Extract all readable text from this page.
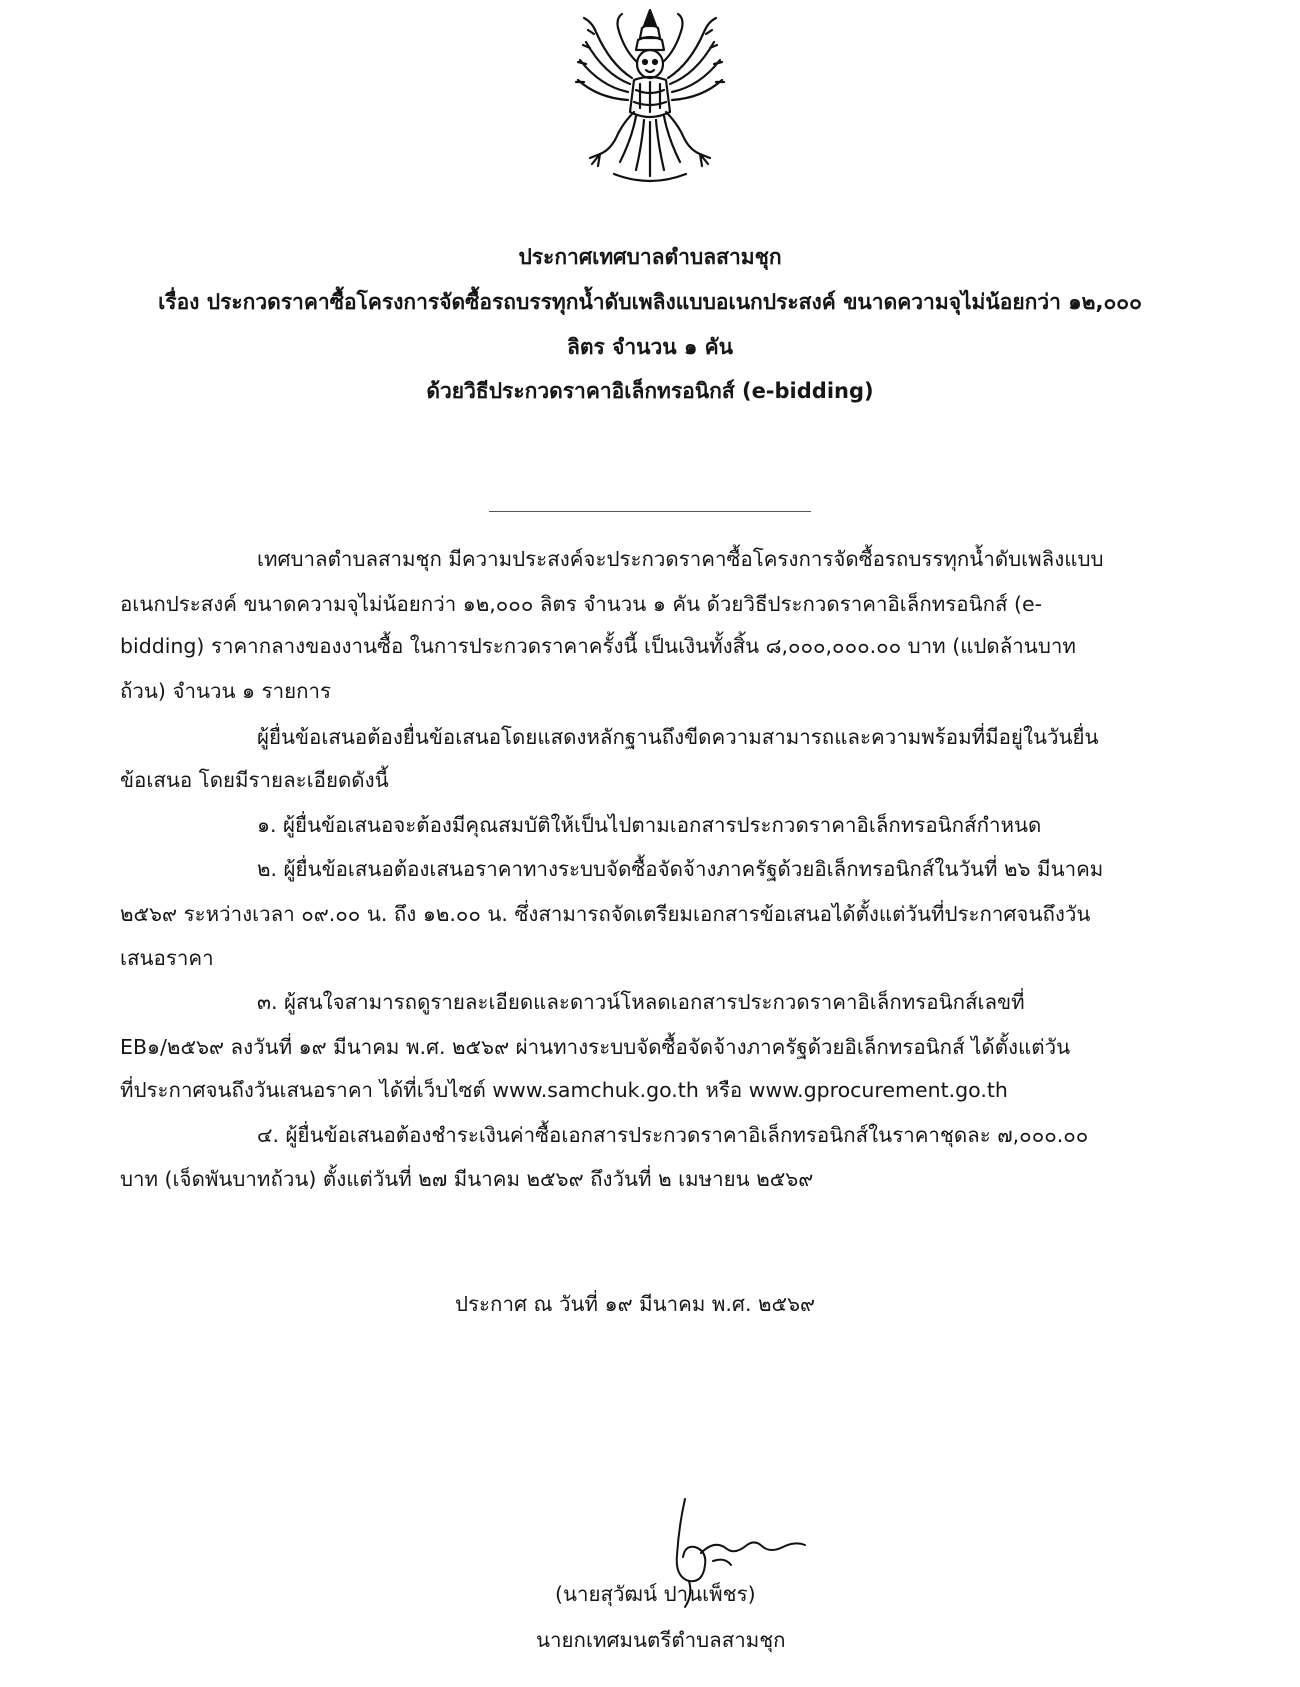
ประกาศเทศบาลตำบลสามชุก
เรื่อง ประกวดราคาซื้อโครงการจัดซื้อรถบรรทุกน้ำดับเพลิงแบบอเนกประสงค์ ขนาดความจุไม่น้อยกว่า ๑๒,๐๐๐
ลิตร จำนวน ๑ คัน
ด้วยวิธีประกวดราคาอิเล็กทรอนิกส์ (e-bidding)
เทศบาลตำบลสามชุก มีความประสงค์จะประกวดราคาซื้อโครงการจัดซื้อรถบรรทุกน้ำดับเพลิงแบบ
อเนกประสงค์ ขนาดความจุไม่น้อยกว่า ๑๒,๐๐๐ ลิตร จำนวน ๑ คัน ด้วยวิธีประกวดราคาอิเล็กทรอนิกส์ (e-
bidding) ราคากลางของงานซื้อ ในการประกวดราคาครั้งนี้ เป็นเงินทั้งสิ้น ๘,๐๐๐,๐๐๐.๐๐ บาท (แปดล้านบาท
ถ้วน) จำนวน ๑ รายการ
ผู้ยื่นข้อเสนอต้องยื่นข้อเสนอโดยแสดงหลักฐานถึงขีดความสามารถและความพร้อมที่มีอยู่ในวันยื่น
ข้อเสนอ โดยมีรายละเอียดดังนี้
๑. ผู้ยื่นข้อเสนอจะต้องมีคุณสมบัติให้เป็นไปตามเอกสารประกวดราคาอิเล็กทรอนิกส์กำหนด
๒. ผู้ยื่นข้อเสนอต้องเสนอราคาทางระบบจัดซื้อจัดจ้างภาครัฐด้วยอิเล็กทรอนิกส์ในวันที่ ๒๖ มีนาคม
๒๕๖๙ ระหว่างเวลา ๐๙.๐๐ น. ถึง ๑๒.๐๐ น. ซึ่งสามารถจัดเตรียมเอกสารข้อเสนอได้ตั้งแต่วันที่ประกาศจนถึงวัน
เสนอราคา
๓. ผู้สนใจสามารถดูรายละเอียดและดาวน์โหลดเอกสารประกวดราคาอิเล็กทรอนิกส์เลขที่
EB๑/๒๕๖๙ ลงวันที่ ๑๙ มีนาคม พ.ศ. ๒๕๖๙ ผ่านทางระบบจัดซื้อจัดจ้างภาครัฐด้วยอิเล็กทรอนิกส์ ได้ตั้งแต่วัน
ที่ประกาศจนถึงวันเสนอราคา ได้ที่เว็บไซต์ www.samchuk.go.th หรือ www.gprocurement.go.th
๔. ผู้ยื่นข้อเสนอต้องชำระเงินค่าซื้อเอกสารประกวดราคาอิเล็กทรอนิกส์ในราคาชุดละ ๗,๐๐๐.๐๐
บาท (เจ็ดพันบาทถ้วน) ตั้งแต่วันที่ ๒๗ มีนาคม ๒๕๖๙ ถึงวันที่ ๒ เมษายน ๒๕๖๙
ประกาศ ณ วันที่ ๑๙ มีนาคม พ.ศ. ๒๕๖๙
(นายสุวัฒน์ ปานเพ็ชร)
นายกเทศมนตรีตำบลสามชุก
